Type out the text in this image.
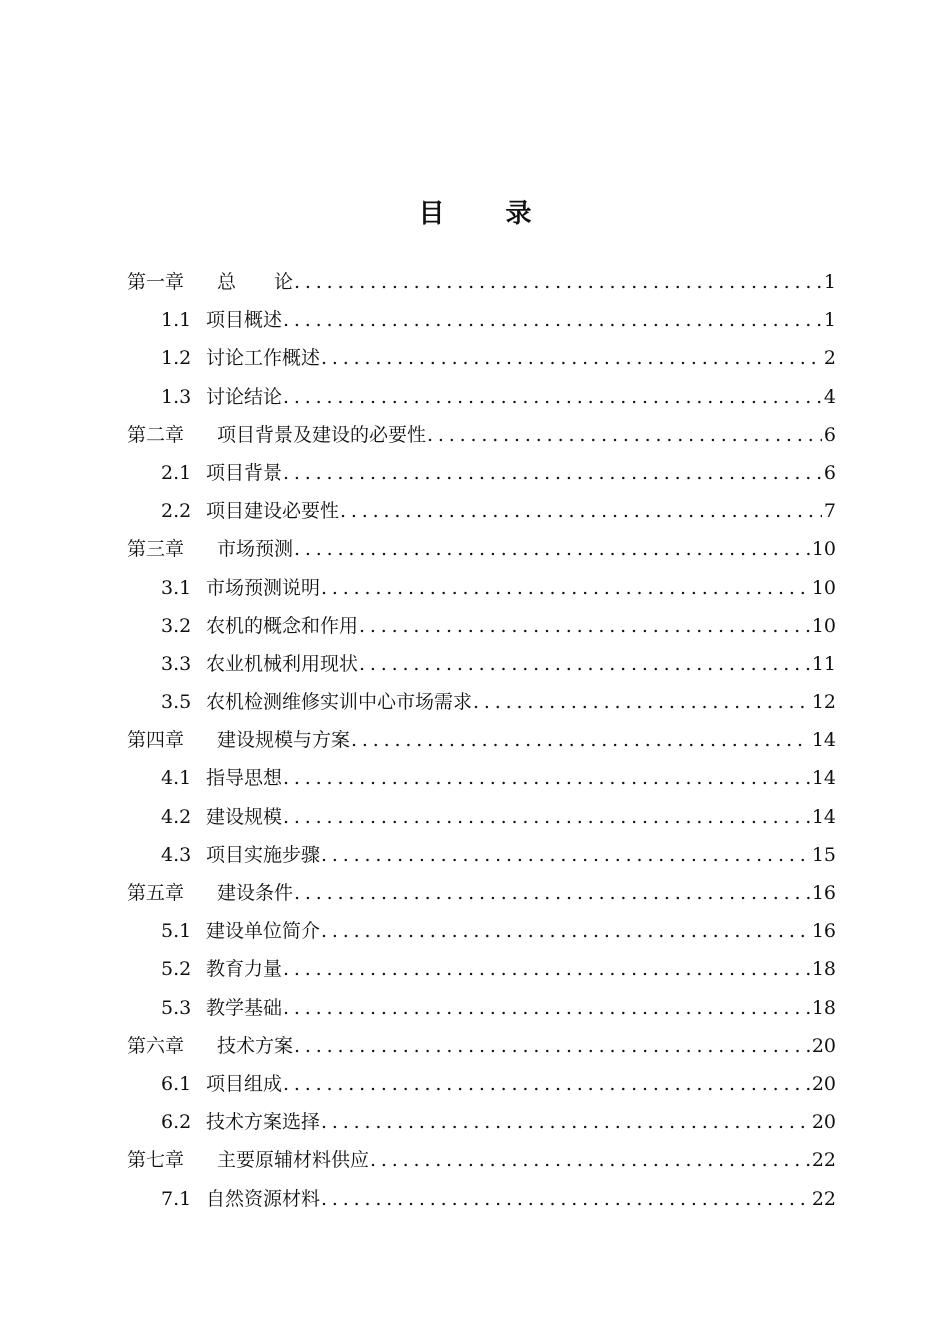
目 录
第一章	总　　论 . . .	1
1.1 项目概述 . . .	1
1.2 讨论工作概述 . . .	2
1.3 讨论结论 . . .	4
第二章	项目背景及建设的必要性 . . .	6
2.1 项目背景 . . .	6
2.2 项目建设必要性 . . .	7
第三章	市场预测 . . .	10
3.1 市场预测说明 . . .	10
3.2 农机的概念和作用 . . .	10
3.3 农业机械利用现状 . . .	11
3.5 农机检测维修实训中心市场需求 . . .	12
第四章	建设规模与方案 . . .	14
4.1 指导思想 . . .	14
4.2 建设规模 . . .	14
4.3 项目实施步骤 . . .	15
第五章	建设条件 . . .	16
5.1 建设单位简介 . . .	16
5.2 教育力量 . . .	18
5.3 教学基础 . . .	18
第六章	技术方案 . . .	20
6.1 项目组成 . . .	20
6.2 技术方案选择 . . .	20
第七章	主要原辅材料供应 . . .	22
7.1 自然资源材料 . . .	22
